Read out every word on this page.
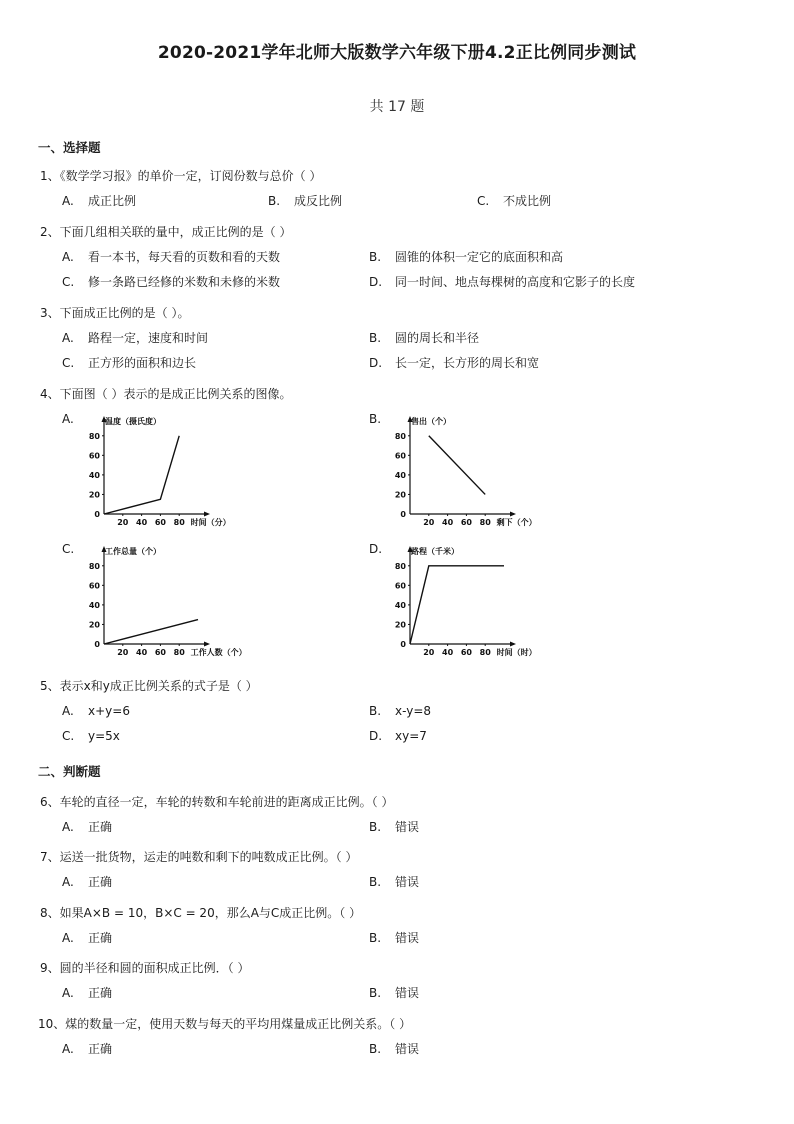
2020-2021学年北师大版数学六年级下册4.2正比例同步测试
共 17 题
一、选择题
1、《数学学习报》的单价一定，订阅份数与总价（ ）
A. 成正比例	B. 成反比例	C. 不成比例
2、下面几组相关联的量中，成正比例的是（ ）
A. 看一本书，每天看的页数和看的天数	B. 圆锥的体积一定它的底面积和高
C. 修一条路已经修的米数和未修的米数	D. 同一时间、地点每棵树的高度和它影子的长度
3、下面成正比例的是（ ）。
A. 路程一定，速度和时间	B. 圆的周长和半径
C. 正方形的面积和边长	D. 长一定，长方形的周长和宽
4、下面图（ ）表示的是成正比例关系的图像。
A.	B.
C.	D.
20
40
60
80
0
20 40 60 80
温度（摄氏度）
时间（分）
20
40
60
80
0
20 40 60 80
售出（个）
剩下（个）
20
40
60
80
0
20 40 60 80
工作总量（个）
工作人数（个）
20
40
60
80
0
20 40 60 80
路程（千米）
时间（时）
5、表示x和y成正比例关系的式子是（ ）
A. x+y=6	B. x-y=8
C. y=5x	D. xy=7
二、判断题
6、车轮的直径一定，车轮的转数和车轮前进的距离成正比例。（ ）
A. 正确	B. 错误
7、运送一批货物，运走的吨数和剩下的吨数成正比例。（ ）
A. 正确	B. 错误
8、如果A×B = 10，B×C = 20，那么A与C成正比例。（ ）
A. 正确	B. 错误
9、圆的半径和圆的面积成正比例．（ ）
A. 正确	B. 错误
10、煤的数量一定，使用天数与每天的平均用煤量成正比例关系。（ ）
A. 正确	B. 错误
